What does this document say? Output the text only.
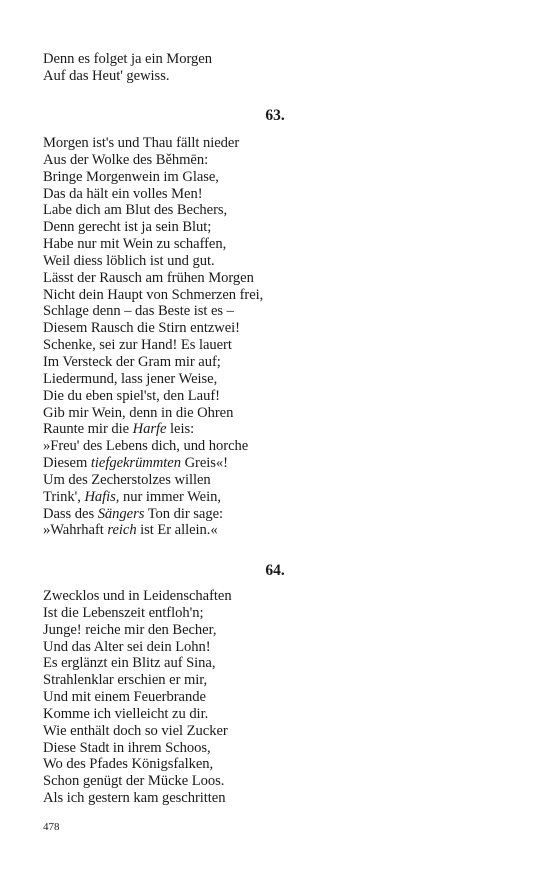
Denn es folget ja ein Morgen
Auf das Heut' gewiss.
63.
Morgen ist's und Thau fällt nieder
Aus der Wolke des Běhmēn:
Bringe Morgenwein im Glase,
Das da hält ein volles Men!
Labe dich am Blut des Bechers,
Denn gerecht ist ja sein Blut;
Habe nur mit Wein zu schaffen,
Weil diess löblich ist und gut.
Lässt der Rausch am frühen Morgen
Nicht dein Haupt von Schmerzen frei,
Schlage denn – das Beste ist es –
Diesem Rausch die Stirn entzwei!
Schenke, sei zur Hand! Es lauert
Im Versteck der Gram mir auf;
Liedermund, lass jener Weise,
Die du eben spiel'st, den Lauf!
Gib mir Wein, denn in die Ohren
Raunte mir die Harfe leis:
»Freu' des Lebens dich, und horche
Diesem tiefgekrümmten Greis«!
Um des Zecherstolzes willen
Trink', Hafis, nur immer Wein,
Dass des Sängers Ton dir sage:
»Wahrhaft reich ist Er allein.«
64.
Zwecklos und in Leidenschaften
Ist die Lebenszeit entfloh'n;
Junge! reiche mir den Becher,
Und das Alter sei dein Lohn!
Es erglänzt ein Blitz auf Sina,
Strahlenklar erschien er mir,
Und mit einem Feuerbrande
Komme ich vielleicht zu dir.
Wie enthält doch so viel Zucker
Diese Stadt in ihrem Schoos,
Wo des Pfades Königsfalken,
Schon genügt der Mücke Loos.
Als ich gestern kam geschritten
478
